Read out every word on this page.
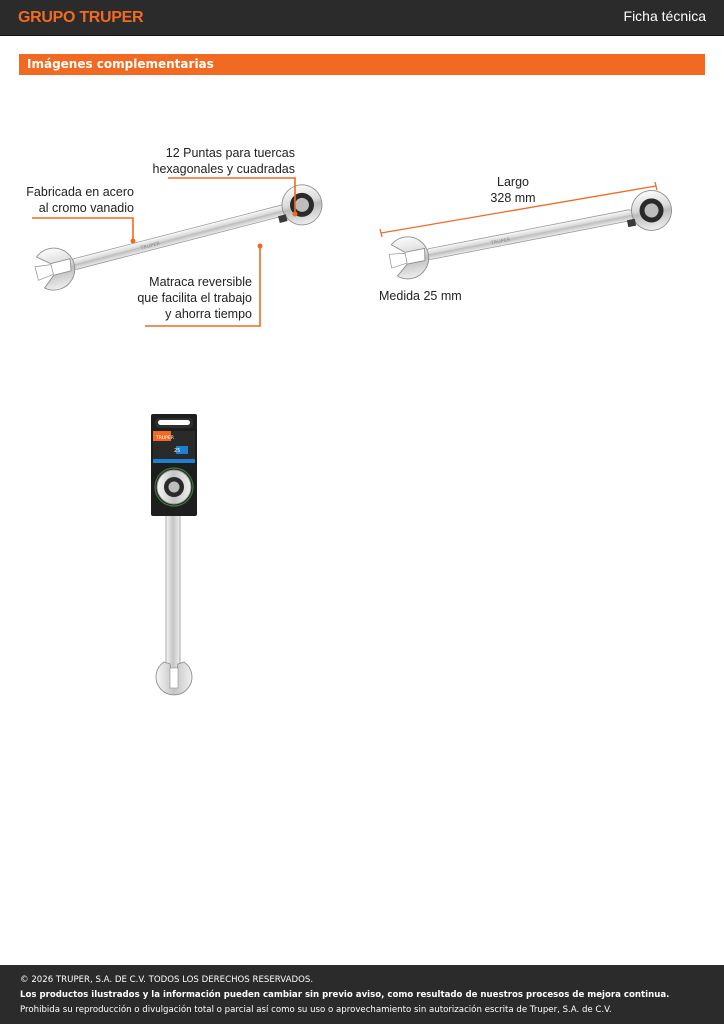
GRUPO TRUPER	Ficha técnica
Imágenes complementarias
TRUPER	TRUPER
TRUPER
25
12 Puntas para tuercas
hexagonales y cuadradas
Fabricada en acero
al cromo vanadio
Matraca reversible
que facilita el trabajo
y ahorra tiempo
Largo
328 mm
Medida 25 mm
© 2026 TRUPER, S.A. DE C.V. TODOS LOS DERECHOS RESERVADOS.
Los productos ilustrados y la información pueden cambiar sin previo aviso, como resultado de nuestros procesos de mejora continua.
Prohibida su reproducción o divulgación total o parcial así como su uso o aprovechamiento sin autorización escrita de Truper, S.A. de C.V.
